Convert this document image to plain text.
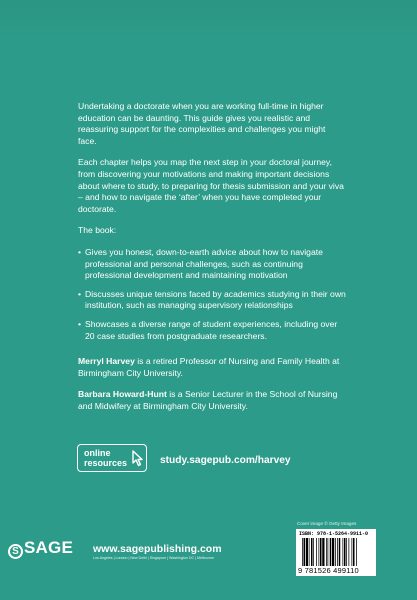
Undertaking a doctorate when you are working full-time in higher education can be daunting. This guide gives you realistic and reassuring support for the complexities and challenges you might face.

Each chapter helps you map the next step in your doctoral journey, from discovering your motivations and making important decisions about where to study, to preparing for thesis submission and your viva – and how to navigate the ‘after’ when you have completed your doctorate.

The book:

• Gives you honest, down-to-earth advice about how to navigate professional and personal challenges, such as continuing professional development and maintaining motivation
• Discusses unique tensions faced by academics studying in their own institution, such as managing supervisory relationships
• Showcases a diverse range of student experiences, including over 20 case studies from postgraduate researchers.

Merryl Harvey is a retired Professor of Nursing and Family Health at Birmingham City University.

Barbara Howard-Hunt is a Senior Lecturer in the School of Nursing and Midwifery at Birmingham City University.

online
resources	study.sagepub.com/harvey
Cover image © Getty Images
ISBN: 978-1-5264-9911-0
9 781526 499110
S SAGE www.sagepublishing.com
Los Angeles | London | New Delhi | Singapore | Washington DC | Melbourne
